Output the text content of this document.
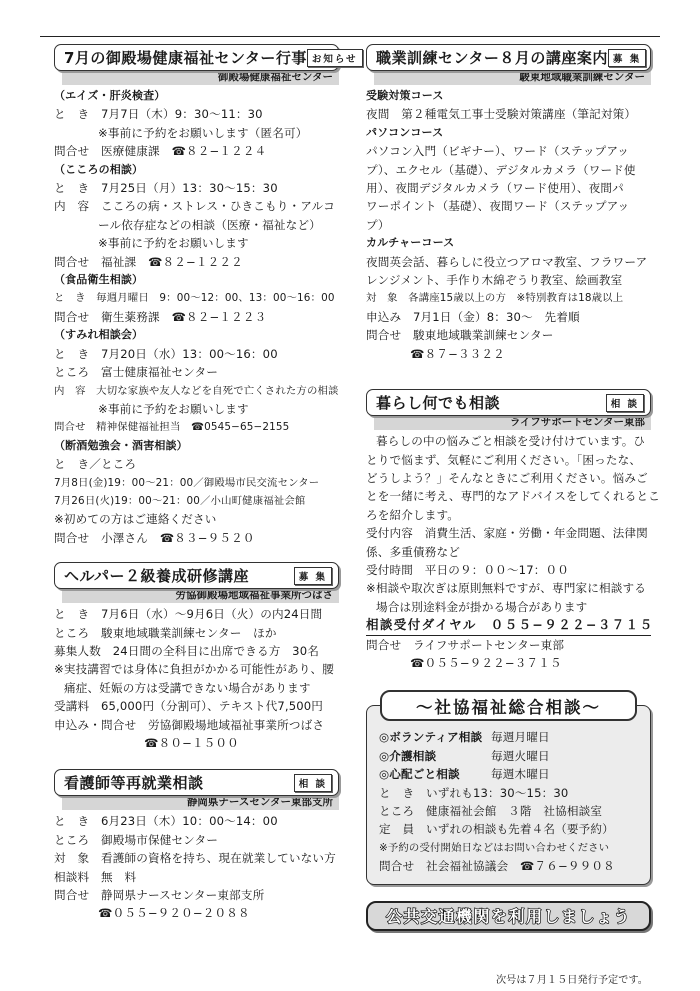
7月の御殿場健康福祉センター行事 お知らせ
御殿場健康福祉センター
（エイズ・肝炎検査）
と　き　7月7日（木）9：30〜11：30
※事前に予約をお願いします（匿名可）
問合せ　医療健康課　☎８２−１２２４
（こころの相談）
と　き　7月25日（月）13：30〜15：30
内　容　こころの病・ストレス・ひきこもり・アルコ
ール依存症などの相談（医療・福祉など）
※事前に予約をお願いします
問合せ　福祉課　☎８２−１２２２
（食品衛生相談）
と　き　毎週月曜日　9：00〜12：00、13：00〜16：00
問合せ　衛生薬務課　☎８２−１２２３
（すみれ相談会）
と　き　7月20日（水）13：00〜16：00
ところ　富士健康福祉センター
内　容　大切な家族や友人などを自死で亡くされた方の相談
※事前に予約をお願いします
問合せ　精神保健福祉担当　☎0545−65−2155
（断酒勉強会・酒害相談）
と　き／ところ
7月8日(金)19：00〜21：00／御殿場市民交流センター
7月26日(火)19：00〜21：00／小山町健康福祉会館
※初めての方はご連絡ください
問合せ　小澤さん　☎８３−９５２０
ヘルパー２級養成研修講座	募 集
労協御殿場地域福祉事業所つばさ
と　き　7月6日（水）〜9月6日（火）の内24日間
ところ　駿東地域職業訓練センター　ほか
募集人数　24日間の全科目に出席できる方　30名
※実技講習では身体に負担がかかる可能性があり、腰
痛症、妊娠の方は受講できない場合があります
受講料　65,000円（分割可）、テキスト代7,500円
申込み・問合せ　労協御殿場地域福祉事業所つばさ
☎８０−１５００
看護師等再就業相談	相 談
静岡県ナースセンター東部支所
と　き　6月23日（木）10：00〜14：00
ところ　御殿場市保健センター
対　象　看護師の資格を持ち、現在就業していない方
相談料　無　料
問合せ　静岡県ナースセンター東部支所
☎０５５−９２０−２０８８
職業訓練センター８月の講座案内 募 集
駿東地域職業訓練センター
受験対策コース
夜間　第２種電気工事士受験対策講座（筆記対策）
パソコンコース
パソコン入門（ビギナー）、ワード（ステップアッ
プ）、エクセル（基礎）、デジタルカメラ（ワード使
用）、夜間デジタルカメラ（ワード使用）、夜間パ
ワーポイント（基礎）、夜間ワード（ステップアッ
プ）
カルチャーコース
夜間英会話、暮らしに役立つアロマ教室、フラワーア
レンジメント、手作り木綿ぞうり教室、絵画教室
対　象　各講座15歳以上の方　※特別教育は18歳以上
申込み　7月1日（金）8：30〜　先着順
問合せ　駿東地域職業訓練センター
☎８７−３３２２
暮らし何でも相談	相 談
ライフサポートセンター東部
暮らしの中の悩みごと相談を受け付けています。ひ
とりで悩まず、気軽にご利用ください。「困ったな、
どうしよう？」そんなときにご利用ください。悩みご
とを一緒に考え、専門的なアドバイスをしてくれるとこ
ろを紹介します。
受付内容　消費生活、家庭・労働・年金問題、法律関
係、多重債務など
受付時間　平日の９：００〜17：００
※相談や取次ぎは原則無料ですが、専門家に相談する
場合は別途料金が掛かる場合があります
相談受付ダイヤル　０５５−９２２−３７１５
問合せ　ライフサポートセンター東部
☎０５５−９２２−３７１５
〜社協福祉総合相談〜
◎ボランティア相談 毎週月曜日
◎介護相談	毎週火曜日
◎心配ごと相談	毎週木曜日
と　き　いずれも13：30〜15：30
ところ　健康福祉会館　３階　社協相談室
定　員　いずれの相談も先着４名（要予約）
※予約の受付開始日などはお問い合わせください
問合せ　社会福祉協議会　☎７６−９９０８
公共交通機関を利用しましょう
次号は７月１５日発行予定です。
